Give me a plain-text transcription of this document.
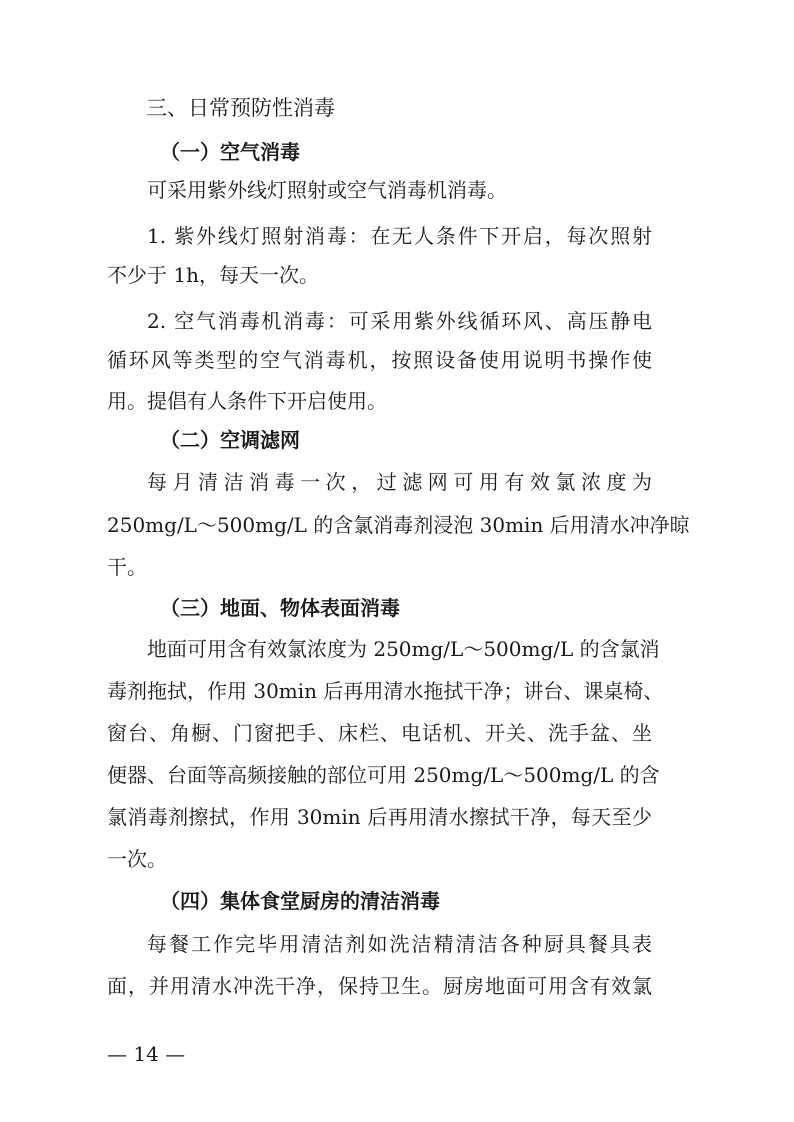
三、日常预防性消毒
（一）空气消毒
可采用紫外线灯照射或空气消毒机消毒。
1. 紫外线灯照射消毒：在无人条件下开启，每次照射
不少于 1h，每天一次。
2. 空气消毒机消毒：可采用紫外线循环风、高压静电
循环风等类型的空气消毒机，按照设备使用说明书操作使
用。提倡有人条件下开启使用。
（二）空调滤网
每月清洁消毒一次，过滤网可用有效氯浓度为
250mg/L～500mg/L 的含氯消毒剂浸泡 30min 后用清水冲净晾
干。
（三）地面、物体表面消毒
地面可用含有效氯浓度为 250mg/L～500mg/L 的含氯消
毒剂拖拭，作用 30min 后再用清水拖拭干净；讲台、课桌椅、
窗台、角橱、门窗把手、床栏、电话机、开关、洗手盆、坐
便器、台面等高频接触的部位可用 250mg/L～500mg/L 的含
氯消毒剂擦拭，作用 30min 后再用清水擦拭干净，每天至少
一次。
（四）集体食堂厨房的清洁消毒
每餐工作完毕用清洁剂如洗洁精清洁各种厨具餐具表
面，并用清水冲洗干净，保持卫生。厨房地面可用含有效氯
— 14 —
